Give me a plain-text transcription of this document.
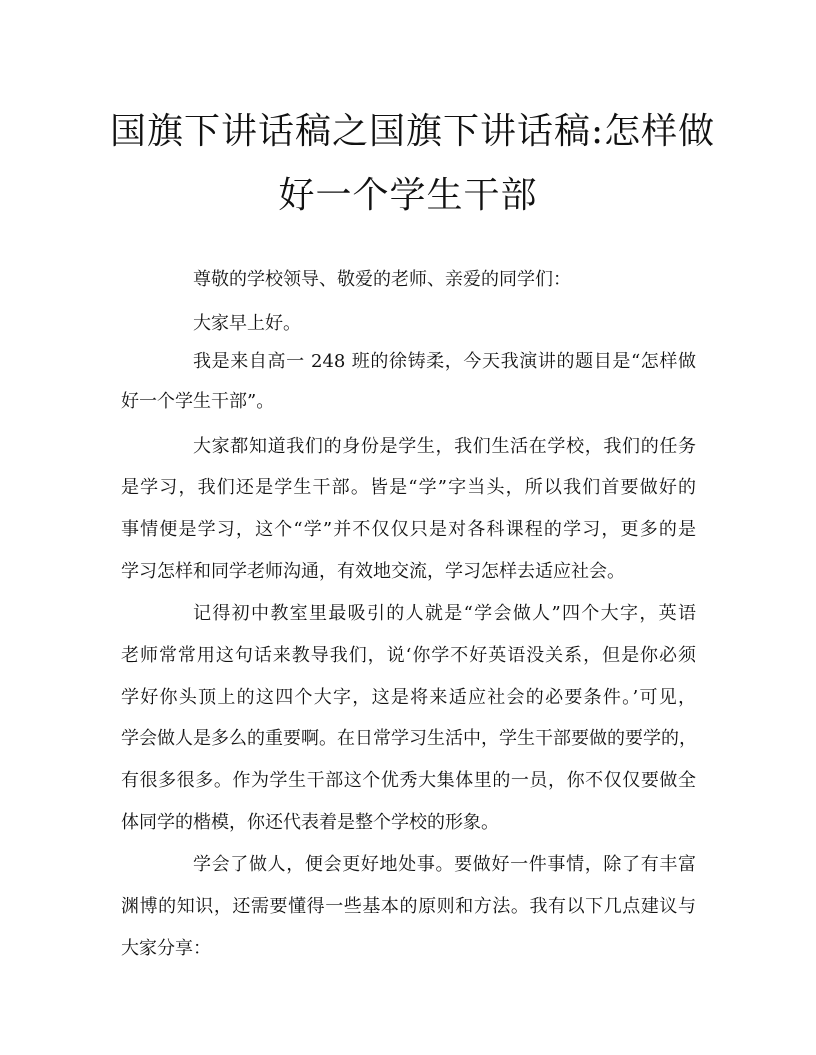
国旗下讲话稿之国旗下讲话稿:怎样做
好一个学生干部

尊敬的学校领导、敬爱的老师、亲爱的同学们：

大家早上好。

我是来自高一 248 班的徐铸柔，今天我演讲的题目是“怎样做

好一个学生干部”。

大家都知道我们的身份是学生，我们生活在学校，我们的任务

是学习，我们还是学生干部。皆是“学”字当头，所以我们首要做好的

事情便是学习，这个“学”并不仅仅只是对各科课程的学习，更多的是

学习怎样和同学老师沟通，有效地交流，学习怎样去适应社会。

记得初中教室里最吸引的人就是“学会做人”四个大字，英语

老师常常用这句话来教导我们，说‘你学不好英语没关系，但是你必须

学好你头顶上的这四个大字，这是将来适应社会的必要条件。’可见，

学会做人是多么的重要啊。在日常学习生活中，学生干部要做的要学的，

有很多很多。作为学生干部这个优秀大集体里的一员，你不仅仅要做全

体同学的楷模，你还代表着是整个学校的形象。

学会了做人，便会更好地处事。要做好一件事情，除了有丰富

渊博的知识，还需要懂得一些基本的原则和方法。我有以下几点建议与

大家分享：
